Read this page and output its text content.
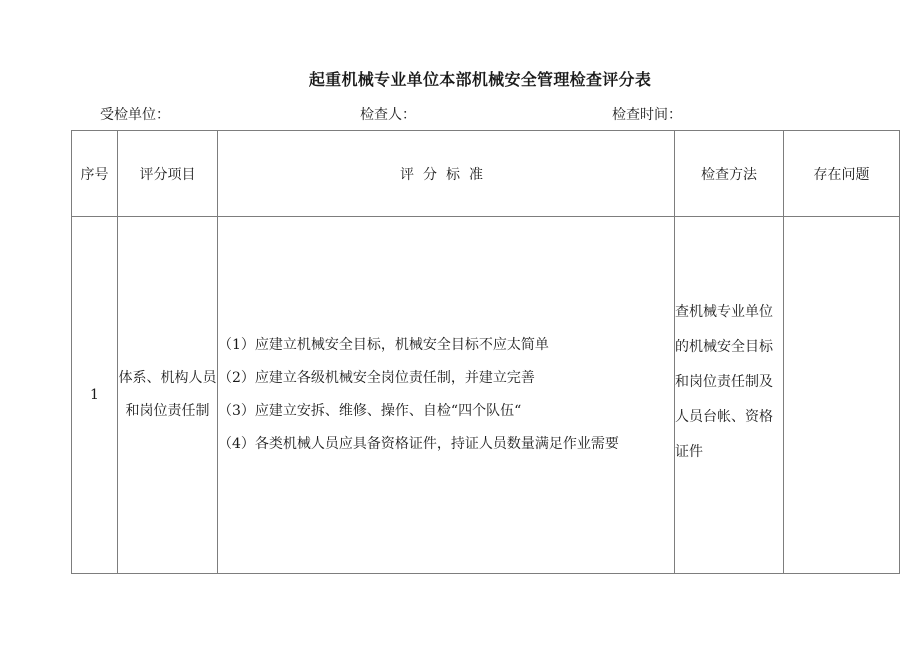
起重机械专业单位本部机械安全管理检查评分表
受检单位：	检查人：	检查时间：
序号	评分项目	评分标准	检查方法	存在问题
1	体系、机构人员和岗位责任制	（1）应建立机械安全目标，机械安全目标不应太简单
（2）应建立各级机械安全岗位责任制，并建立完善
（3）应建立安拆、维修、操作、自检“四个队伍“
（4）各类机械人员应具备资格证件，持证人员数量满足作业需要	查机械专业单位的机械安全目标和岗位责任制及人员台帐、资格证件	
